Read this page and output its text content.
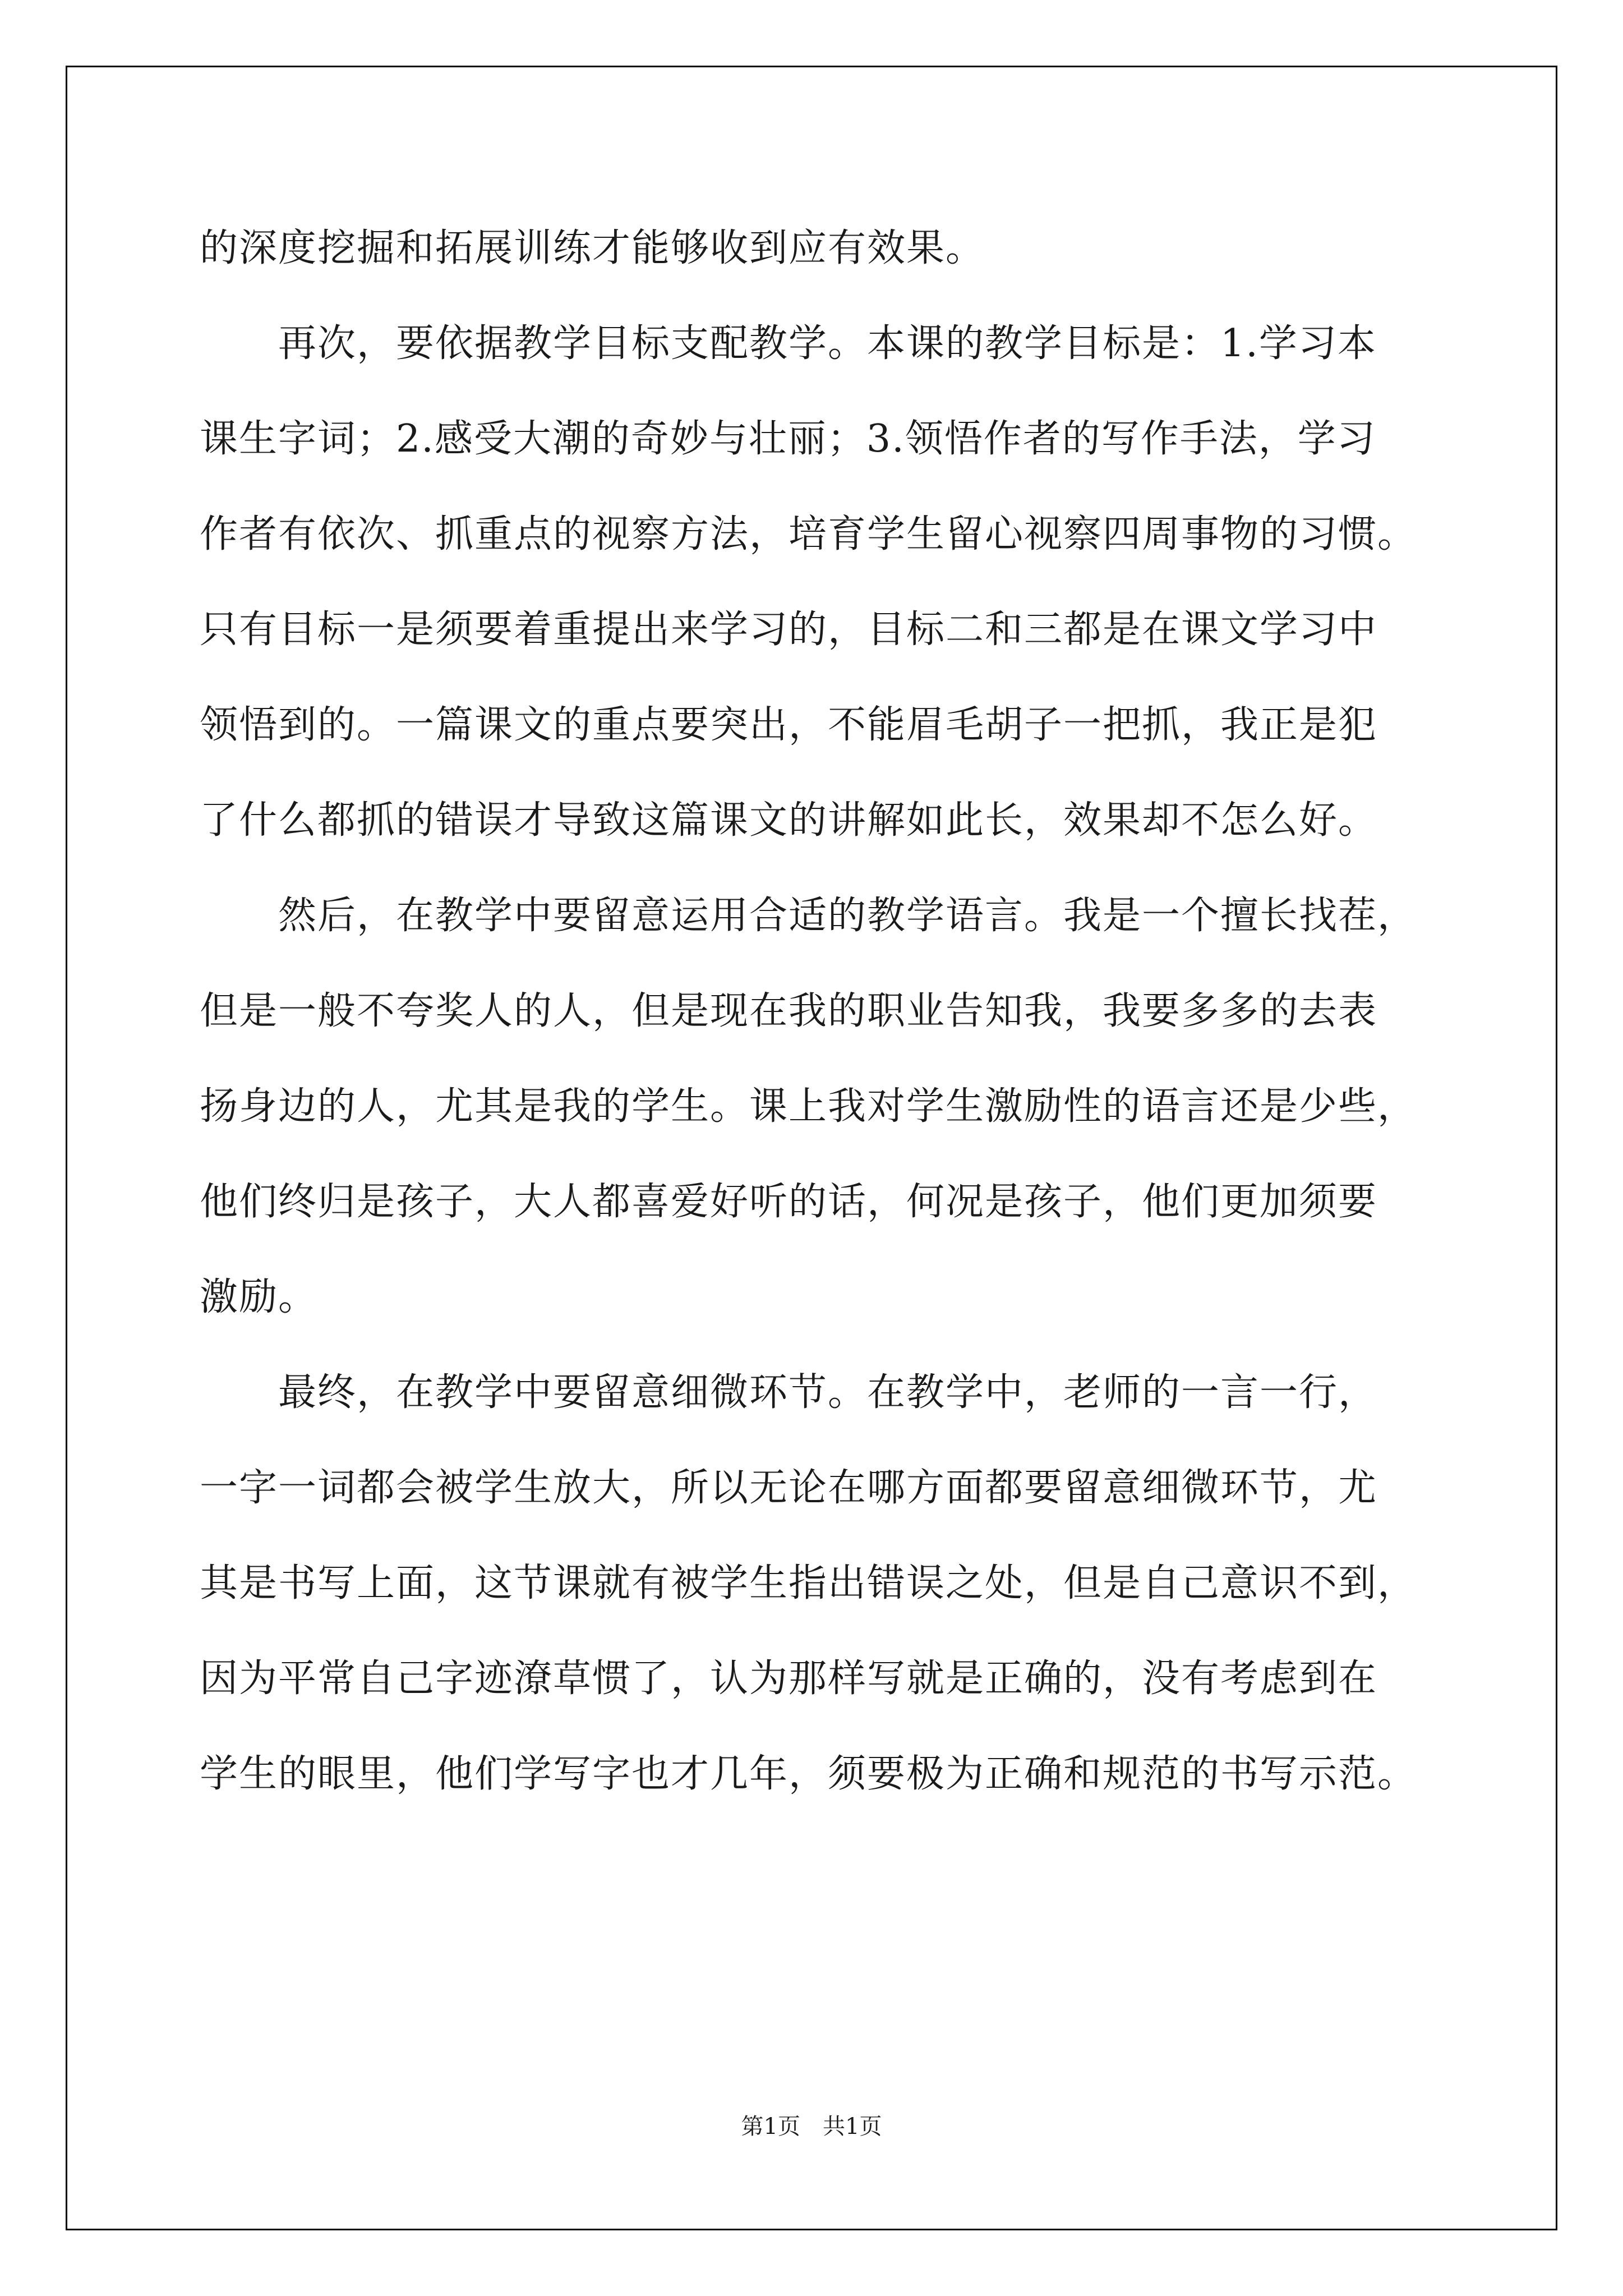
的深度挖掘和拓展训练才能够收到应有效果。
　　再次，要依据教学目标支配教学。本课的教学目标是：1.学习本
课生字词；2.感受大潮的奇妙与壮丽；3.领悟作者的写作手法，学习
作者有依次、抓重点的视察方法，培育学生留心视察四周事物的习惯。
只有目标一是须要着重提出来学习的，目标二和三都是在课文学习中
领悟到的。一篇课文的重点要突出，不能眉毛胡子一把抓，我正是犯
了什么都抓的错误才导致这篇课文的讲解如此长，效果却不怎么好。
　　然后，在教学中要留意运用合适的教学语言。我是一个擅长找茬，
但是一般不夸奖人的人，但是现在我的职业告知我，我要多多的去表
扬身边的人，尤其是我的学生。课上我对学生激励性的语言还是少些，
他们终归是孩子，大人都喜爱好听的话，何况是孩子，他们更加须要
激励。
　　最终，在教学中要留意细微环节。在教学中，老师的一言一行，
一字一词都会被学生放大，所以无论在哪方面都要留意细微环节，尤
其是书写上面，这节课就有被学生指出错误之处，但是自己意识不到，
因为平常自己字迹潦草惯了，认为那样写就是正确的，没有考虑到在
学生的眼里，他们学写字也才几年，须要极为正确和规范的书写示范。
第1页　共1页
